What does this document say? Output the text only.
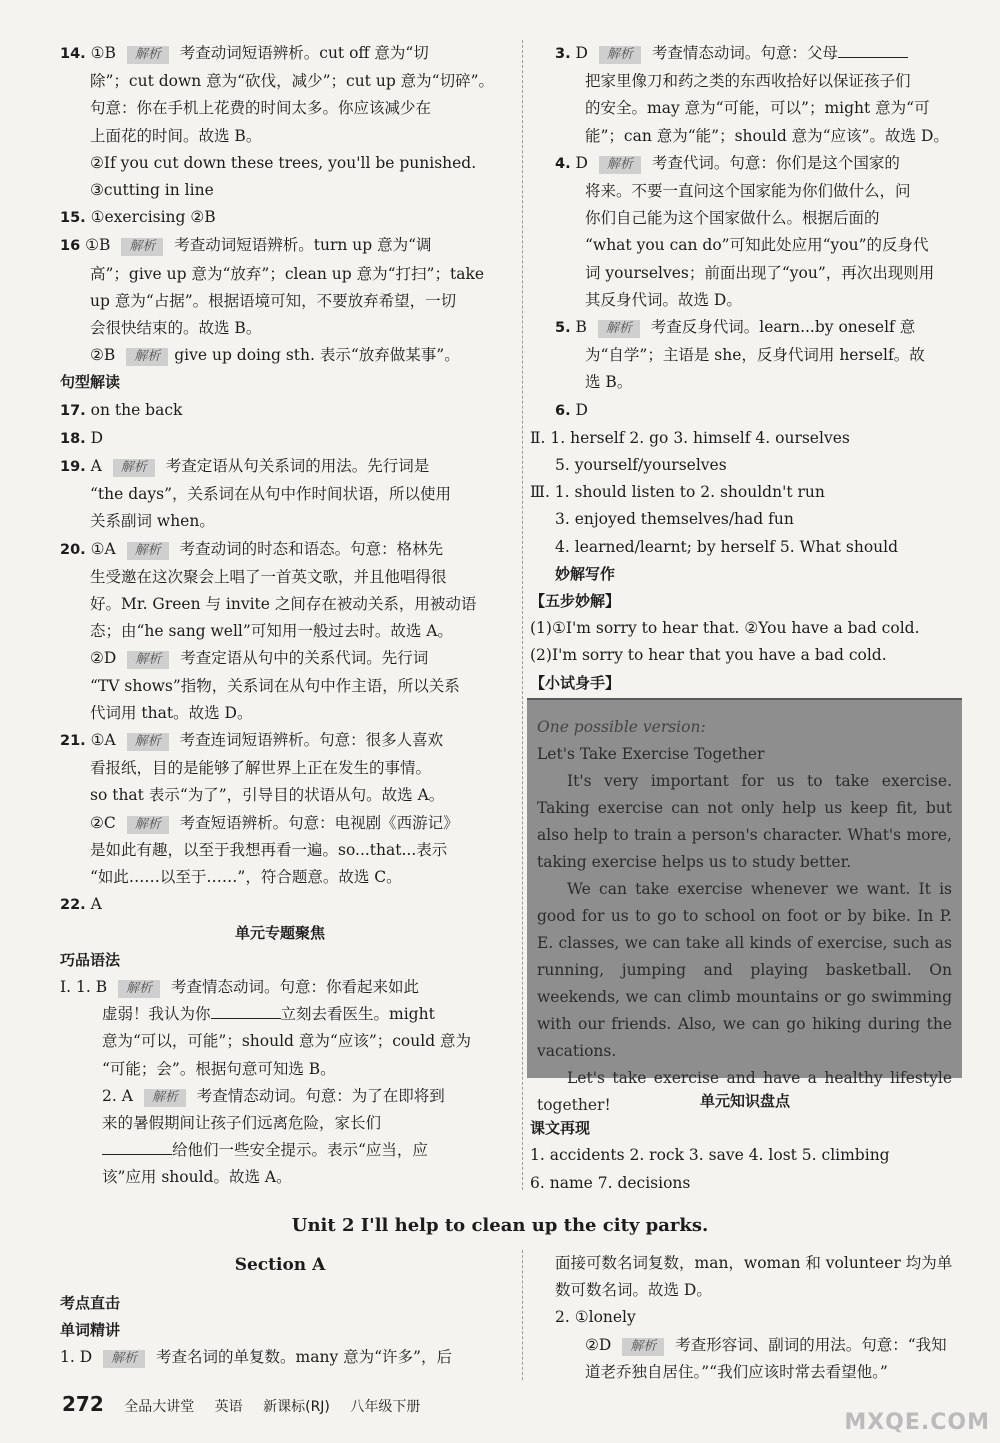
14. ①B 解析 考查动词短语辨析。cut off 意为“切
除”；cut down 意为“砍伐，减少”；cut up 意为“切碎”。
句意：你在手机上花费的时间太多。你应该减少在
上面花的时间。故选 B。
②If you cut down these trees, you'll be punished.
③cutting in line
15. ①exercising ②B
16 ①B 解析 考查动词短语辨析。turn up 意为“调
高”；give up 意为“放弃”；clean up 意为“打扫”；take
up 意为“占据”。根据语境可知，不要放弃希望，一切
会很快结束的。故选 B。
②B 解析 give up doing sth. 表示“放弃做某事”。
句型解读
17. on the back
18. D
19. A 解析 考查定语从句关系词的用法。先行词是
“the days”，关系词在从句中作时间状语，所以使用
关系副词 when。
20. ①A 解析 考查动词的时态和语态。句意：格林先
生受邀在这次聚会上唱了一首英文歌，并且他唱得很
好。Mr. Green 与 invite 之间存在被动关系，用被动语
态；由“he sang well”可知用一般过去时。故选 A。
②D 解析 考查定语从句中的关系代词。先行词
“TV shows”指物，关系词在从句中作主语，所以关系
代词用 that。故选 D。
21. ①A 解析 考查连词短语辨析。句意：很多人喜欢
看报纸，目的是能够了解世界上正在发生的事情。
so that 表示“为了”，引导目的状语从句。故选 A。
②C 解析 考查短语辨析。句意：电视剧《西游记》
是如此有趣，以至于我想再看一遍。so...that...表示
“如此……以至于……”，符合题意。故选 C。
22. A
单元专题聚焦
巧品语法
Ⅰ. 1. B 解析 考查情态动词。句意：你看起来如此
虚弱！我认为你	立刻去看医生。might
意为“可以，可能”；should 意为“应该”；could 意为
“可能；会”。根据句意可知选 B。
2. A 解析 考查情态动词。句意：为了在即将到
来的暑假期间让孩子们远离危险，家长们
给他们一些安全提示。表示“应当，应
该”应用 should。故选 A。
3. D 解析 考查情态动词。句意：父母
把家里像刀和药之类的东西收拾好以保证孩子们
的安全。may 意为“可能，可以”；might 意为“可
能”；can 意为“能”；should 意为“应该”。故选 D。
4. D 解析 考查代词。句意：你们是这个国家的
将来。不要一直问这个国家能为你们做什么，问
你们自己能为这个国家做什么。根据后面的
“what you can do”可知此处应用“you”的反身代
词 yourselves；前面出现了“you”，再次出现则用
其反身代词。故选 D。
5. B 解析 考查反身代词。learn...by oneself 意
为“自学”；主语是 she，反身代词用 herself。故
选 B。
6. D
Ⅱ. 1. herself 2. go 3. himself 4. ourselves
5. yourself/yourselves
Ⅲ. 1. should listen to 2. shouldn't run
3. enjoyed themselves/had fun
4. learned/learnt; by herself 5. What should
妙解写作
【五步妙解】
(1)①I'm sorry to hear that. ②You have a bad cold.
(2)I'm sorry to hear that you have a bad cold.
【小试身手】
One possible version:
Let's Take Exercise Together
It's very important for us to take exercise. Taking exercise can not only help us keep fit, but also help to train a person's character. What's more, taking exercise helps us to study better.
We can take exercise whenever we want. It is good for us to go to school on foot or by bike. In P. E. classes, we can take all kinds of exercise, such as running, jumping and playing basketball. On weekends, we can climb mountains or go swimming with our friends. Also, we can go hiking during the vacations.
Let's take exercise and have a healthy lifestyle together!	单元知识盘点
课文再现
1. accidents 2. rock 3. save 4. lost 5. climbing
6. name 7. decisions
Unit 2 I'll help to clean up the city parks.
Section A
考点直击
单词精讲
1. D 解析 考查名词的单复数。many 意为“许多”，后
面接可数名词复数，man，woman 和 volunteer 均为单
数可数名词。故选 D。
2. ①lonely
②D 解析 考查形容词、副词的用法。句意：“我知
道老乔独自居住。”“我们应该时常去看望他。”
272 全品大讲堂 英语 新课标(RJ) 八年级下册
MXQE.COM
